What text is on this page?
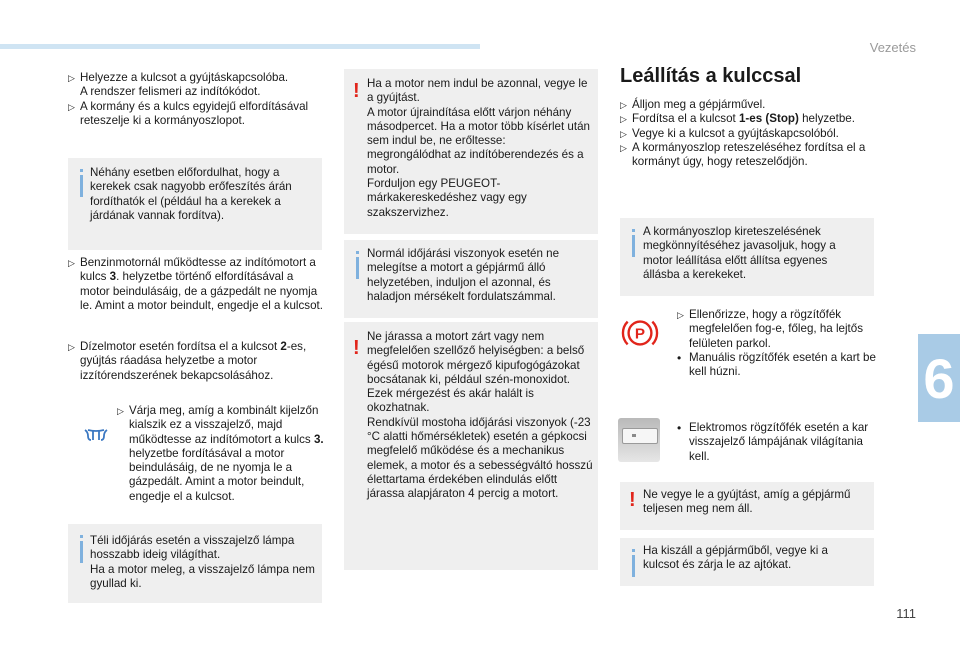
Vezetés
6
111
▷ Helyezze a kulcsot a gyújtáskapcsolóba.
A rendszer felismeri az indítókódot.
▷ A kormány és a kulcs egyidejű elfordításával reteszelje ki a kormányoszlopot.
Néhány esetben előfordulhat, hogy a kerekek csak nagyobb erőfeszítés árán fordíthatók el (például ha a kerekek a járdának vannak fordítva).
▷ Benzinmotornál működtesse az indítómotort a kulcs 3. helyzetbe történő elfordításával a motor beindulásáig, de a gázpedált ne nyomja le. Amint a motor beindult, engedje el a kulcsot.
▷ Dízelmotor esetén fordítsa el a kulcsot 2-es, gyújtás ráadása helyzetbe a motor izzítórendszerének bekapcsolásához.
▷ Várja meg, amíg a kombinált kijelzőn kialszik ez a visszajelző, majd működtesse az indítómotort a kulcs 3. helyzetbe fordításával a motor beindulásáig, de ne nyomja le a gázpedált. Amint a motor beindult, engedje el a kulcsot.
Téli időjárás esetén a visszajelző lámpa hosszabb ideig világíthat.
Ha a motor meleg, a visszajelző lámpa nem gyullad ki.
! Ha a motor nem indul be azonnal, vegye le a gyújtást.
A motor újraindítása előtt várjon néhány másodpercet. Ha a motor több kísérlet után sem indul be, ne erőltesse: megrongálódhat az indítóberendezés és a motor.
Forduljon egy PEUGEOT-márkakereskedéshez vagy egy szakszervizhez.
Normál időjárási viszonyok esetén ne melegítse a motort a gépjármű álló helyzetében, induljon el azonnal, és haladjon mérsékelt fordulatszámmal.
!
Ne járassa a motort zárt vagy nem megfelelően szellőző helyiségben: a belső égésű motorok mérgező kipufogógázokat bocsátanak ki, például szén-monoxidot. Ezek mérgezést és akár halált is okozhatnak.
Rendkívül mostoha időjárási viszonyok (-23 °C alatti hőmérsékletek) esetén a gépkocsi megfelelő működése és a mechanikus elemek, a motor és a sebességváltó hosszú élettartama érdekében elindulás előtt járassa alapjáraton 4 percig a motort.
Leállítás a kulccsal
▷ Álljon meg a gépjárművel.
▷ Fordítsa el a kulcsot 1-es (Stop) helyzetbe.
▷ Vegye ki a kulcsot a gyújtáskapcsolóból.
▷ A kormányoszlop reteszeléséhez fordítsa el a kormányt úgy, hogy reteszelődjön.
A kormányoszlop kireteszelésének megkönnyítéséhez javasoljuk, hogy a motor leállítása előtt állítsa egyenes állásba a kerekeket.
P
▷ Ellenőrizze, hogy a rögzítőfék megfelelően fog-e, főleg, ha lejtős felületen parkol.
• Manuális rögzítőfék esetén a kart be kell húzni.
• Elektromos rögzítőfék esetén a kar visszajelző lámpájának világítania kell.
! Ne vegye le a gyújtást, amíg a gépjármű teljesen meg nem áll.
Ha kiszáll a gépjárműből, vegye ki a kulcsot és zárja le az ajtókat.
